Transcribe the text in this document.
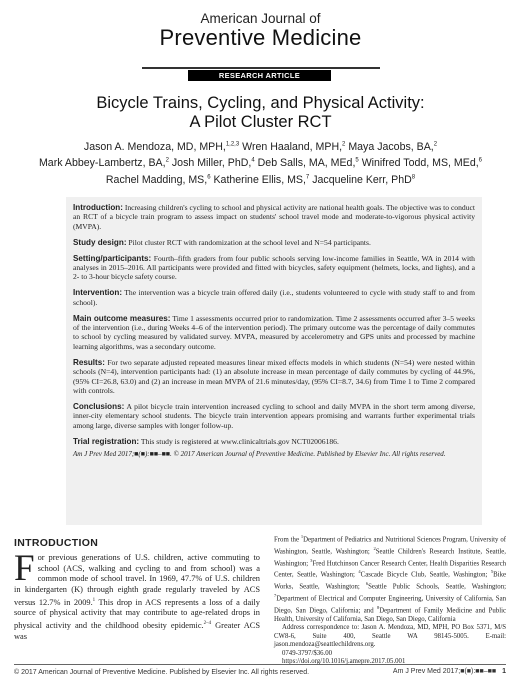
American Journal of
Preventive Medicine
RESEARCH ARTICLE
Bicycle Trains, Cycling, and Physical Activity:
A Pilot Cluster RCT
Jason A. Mendoza, MD, MPH,$^{1,2,3}$ Wren Haaland, MPH,$^2$ Maya Jacobs, BA,$^2$
Mark Abbey-Lambertz, BA,$^2$ Josh Miller, PhD,$^4$ Deb Salls, MA, MEd,$^5$ Winifred Todd, MS, MEd,$^6$
Rachel Madding, MS,$^6$ Katherine Ellis, MS,$^7$ Jacqueline Kerr, PhD$^8$

Introduction: Increasing children's cycling to school and physical activity are national health goals. The objective was to conduct an RCT of a bicycle train program to assess impact on students' school travel mode and moderate-to-vigorous physical activity (MVPA).

Study design: Pilot cluster RCT with randomization at the school level and N=54 participants.

Setting/participants: Fourth–fifth graders from four public schools serving low-income families in Seattle, WA in 2014 with analyses in 2015–2016. All participants were provided and fitted with bicycles, safety equipment (helmets, locks, and lights), and a 2- to 3-hour bicycle safety course.

Intervention: The intervention was a bicycle train offered daily (i.e., students volunteered to cycle with study staff to and from school).

Main outcome measures: Time 1 assessments occurred prior to randomization. Time 2 assessments occurred after 3–5 weeks of the intervention (i.e., during Weeks 4–6 of the intervention period). The primary outcome was the percentage of daily commutes to school by cycling measured by validated survey. MVPA, measured by accelerometry and GPS units and processed by machine learning algorithms, was a secondary outcome.

Results: For two separate adjusted repeated measures linear mixed effects models in which students (N=54) were nested within schools (N=4), intervention participants had: (1) an absolute increase in mean percentage of daily commutes by cycling of 44.9%, (95% CI=26.8, 63.0) and (2) an increase in mean MVPA of 21.6 minutes/day, (95% CI=8.7, 34.6) from Time 1 to Time 2 compared with controls.

Conclusions: A pilot bicycle train intervention increased cycling to school and daily MVPA in the short term among diverse, inner-city elementary school students. The bicycle train intervention appears promising and warrants further experimental trials among large, diverse samples with longer follow-up.

Trial registration: This study is registered at www.clinicaltrials.gov NCT02006186.

Am J Prev Med 2017;■(■):■■–■■. © 2017 American Journal of Preventive Medicine. Published by Elsevier Inc. All rights reserved.

INTRODUCTION
For previous generations of U.S. children, active commuting to school (ACS, walking and cycling to and from school) was a common mode of school travel. In 1969, 47.7% of U.S. children in kindergarten (K) through eighth grade regularly traveled by ACS versus 12.7% in 2009.$^1$ This drop in ACS represents a loss of a daily source of physical activity that may contribute to age-related drops in physical activity and the childhood obesity epidemic.$^{2-4}$ Greater ACS was

From the $^1$Department of Pediatrics and Nutritional Sciences Program, University of Washington, Seattle, Washington; $^2$Seattle Children's Research Institute, Seattle, Washington; $^3$Fred Hutchinson Cancer Research Center, Health Disparities Research Center, Seattle, Washington; $^4$Cascade Bicycle Club, Seattle, Washington; $^5$Bike Works, Seattle, Washington; $^6$Seattle Public Schools, Seattle, Washington; $^7$Department of Electrical and Computer Engineering, University of California, San Diego, San Diego, California; and $^8$Department of Family Medicine and Public Health, University of California, San Diego, San Diego, California

Address correspondence to: Jason A. Mendoza, MD, MPH, PO Box 5371, M/S CW8-6, Suite 400, Seattle WA 98145-5005. E-mail: jason.mendoza@seattlechildrens.org.

0749-3797/$36.00

https://doi.org/10.1016/j.amepre.2017.05.001

© 2017 American Journal of Preventive Medicine. Published by Elsevier Inc. All rights reserved.	Am J Prev Med 2017;■(■):■■–■■ 1
